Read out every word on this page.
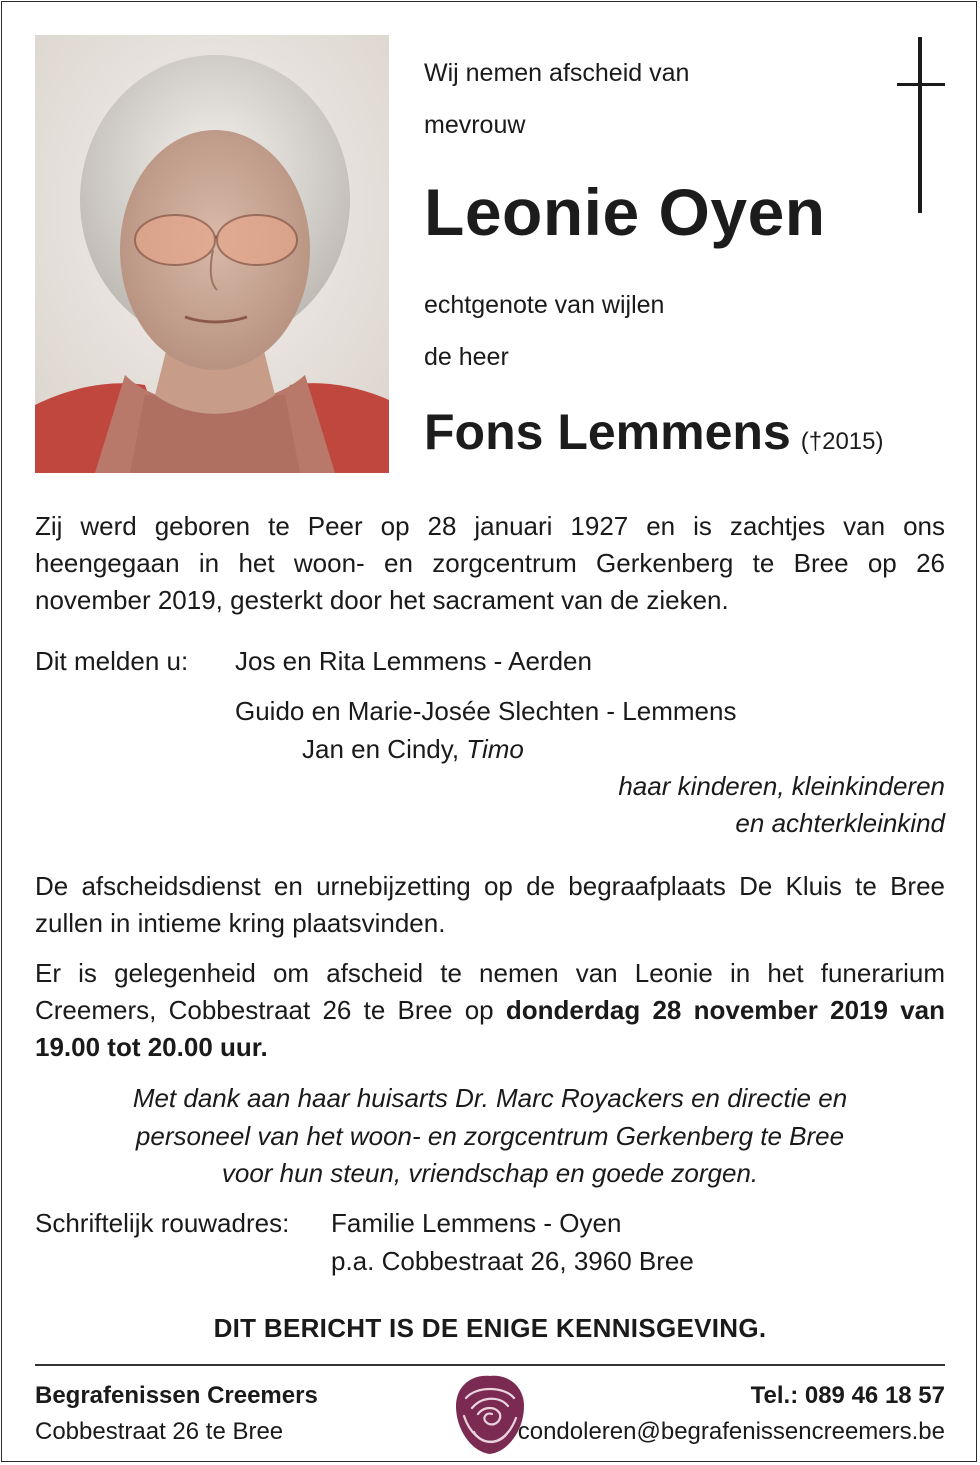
Wij nemen afscheid van
mevrouw
Leonie Oyen
echtgenote van wijlen
de heer
Fons Lemmens (†2015)
Zij werd geboren te Peer op 28 januari 1927 en is zachtjes van ons heengegaan in het woon- en zorgcentrum Gerkenberg te Bree op 26 november 2019, gesterkt door het sacrament van de zieken.
Dit melden u: Jos en Rita Lemmens - Aerden
Guido en Marie-Josée Slechten - Lemmens
Jan en Cindy, Timo
haar kinderen, kleinkinderen
en achterkleinkind
De afscheidsdienst en urnebijzetting op de begraafplaats De Kluis te Bree zullen in intieme kring plaatsvinden.
Er is gelegenheid om afscheid te nemen van Leonie in het funerarium Creemers, Cobbestraat 26 te Bree op donderdag 28 november 2019 van 19.00 tot 20.00 uur.
Met dank aan haar huisarts Dr. Marc Royackers en directie en
personeel van het woon- en zorgcentrum Gerkenberg te Bree
voor hun steun, vriendschap en goede zorgen.
Schriftelijk rouwadres: Familie Lemmens - Oyen
p.a. Cobbestraat 26, 3960 Bree
DIT BERICHT IS DE ENIGE KENNISGEVING.
Begrafenissen Creemers
Cobbestraat 26 te Bree
Tel.: 089 46 18 57
condoleren@begrafenissencreemers.be
